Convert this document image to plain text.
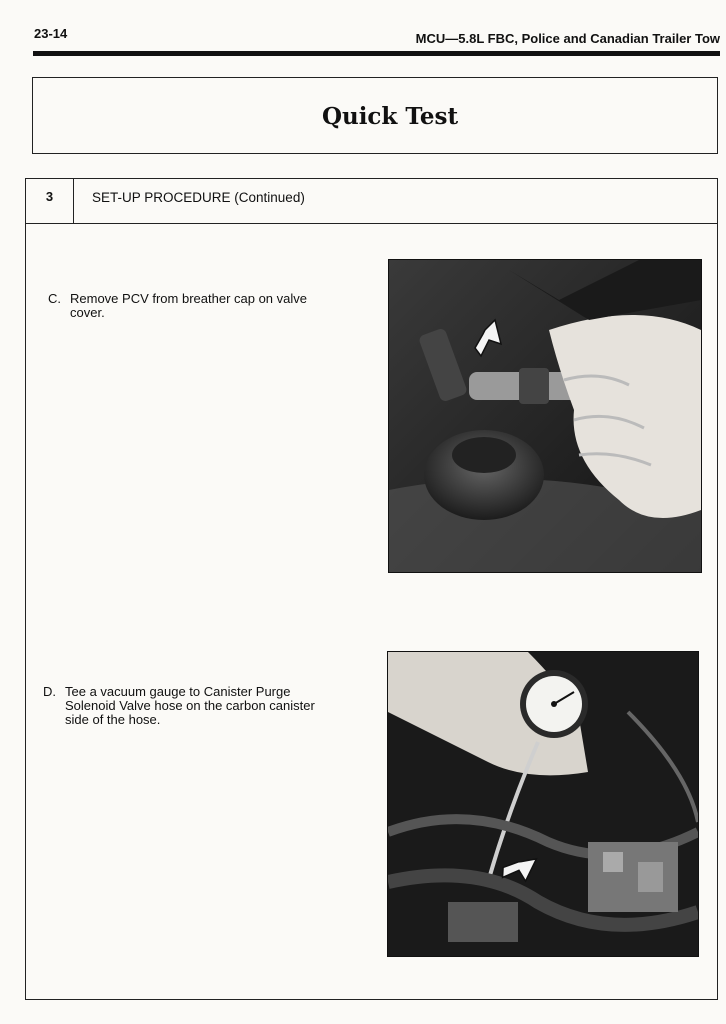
23-14	MCU—5.8L FBC, Police and Canadian Trailer Tow
Quick Test
3	SET-UP PROCEDURE (Continued)
C. Remove PCV from breather cap on valve cover.
D. Tee a vacuum gauge to Canister Purge Solenoid Valve hose on the carbon canister side of the hose.
